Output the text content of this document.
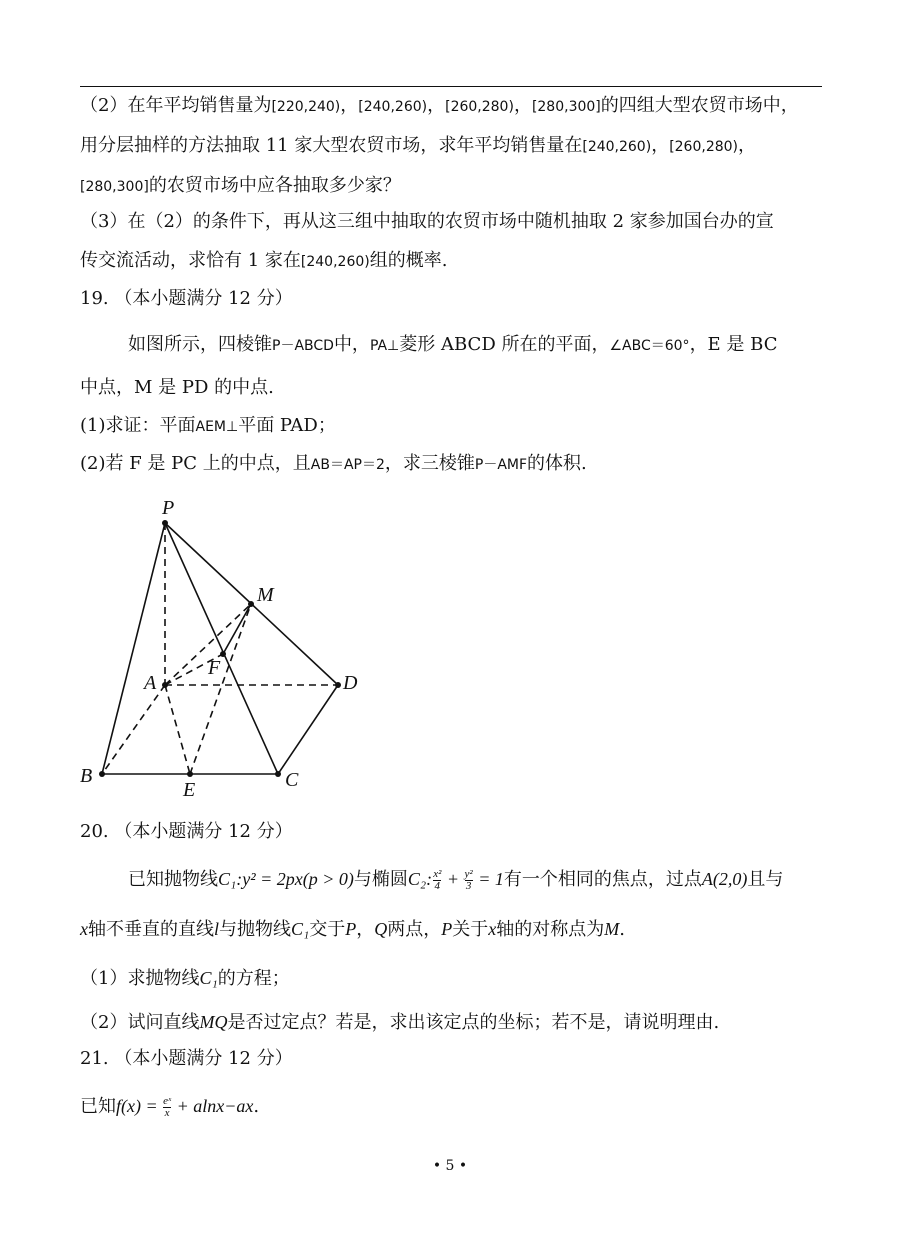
（2）在年平均销售量为[220,240)，[240,260)，[260,280)，[280,300]的四组大型农贸市场中，
用分层抽样的方法抽取 11 家大型农贸市场，求年平均销售量在[240,260)，[260,280)，
[280,300]的农贸市场中应各抽取多少家？
（3）在（2）的条件下，再从这三组中抽取的农贸市场中随机抽取 2 家参加国台办的宣
传交流活动，求恰有 1 家在[240,260)组的概率.
19. （本小题满分 12 分）
如图所示，四棱锥P－ABCD中，PA⊥菱形 ABCD 所在的平面，∠ABC＝60°，E 是 BC
中点，M 是 PD 的中点.
(1)求证：平面AEM⊥平面 PAD；
(2)若 F 是 PC 上的中点，且AB＝AP＝2，求三棱锥P－AMF的体积.
P
M
F
A	D
B
E	C
20. （本小题满分 12 分）
已知抛物线C₁:y² = 2px(p > 0)与椭圆C₂: $\frac{\text{x²}}{4} + \frac{\text{y²}}{3} = 1$有一个相同的焦点，过点A(2,0)且与
x轴不垂直的直线l与抛物线C₁交于P，Q两点，P关于x轴的对称点为M.
（1）求抛物线C₁的方程；
（2）试问直线MQ是否过定点？若是，求出该定点的坐标；若不是，请说明理由.
21. （本小题满分 12 分）
已知$f(x) = \frac{\text{eˣ}}{x} + alnx-ax$.
• 5 •
